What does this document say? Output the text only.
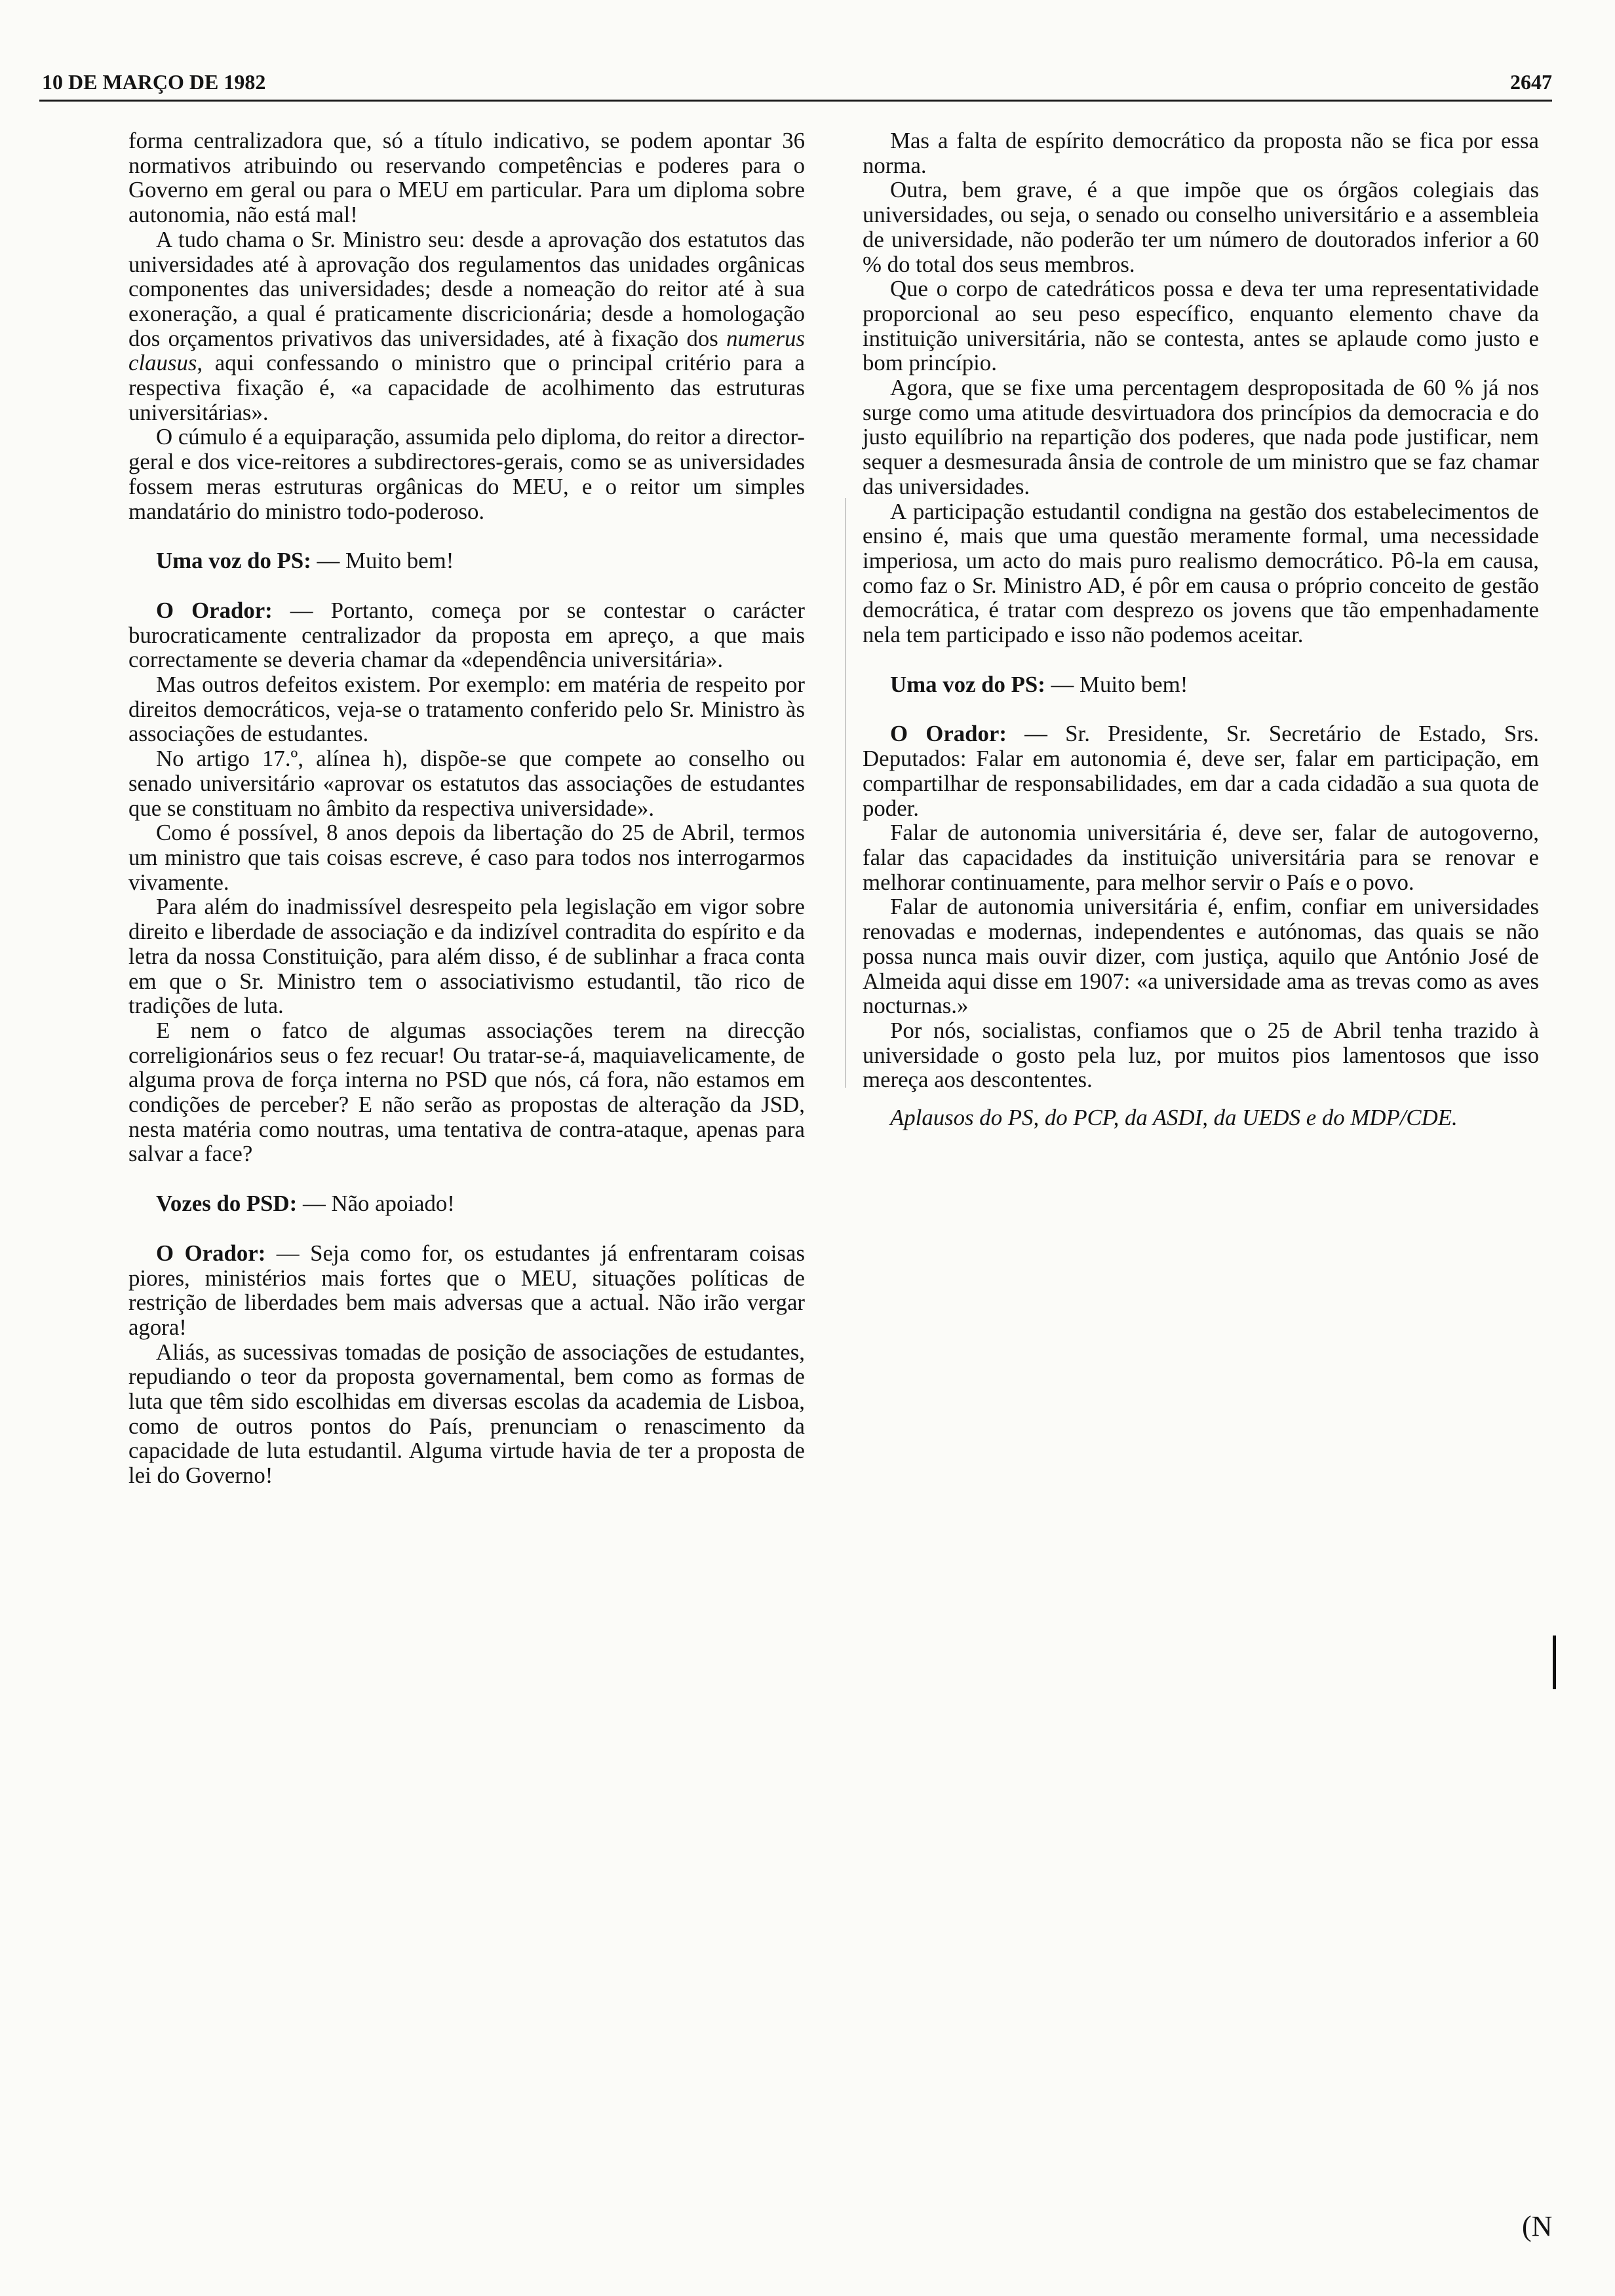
10 DE MARÇO DE 1982	2647

forma centralizadora que, só a título indicativo, se podem apontar 36 normativos atribuindo ou reservando competências e poderes para o Governo em geral ou para o MEU em particular. Para um diploma sobre autonomia, não está mal!

A tudo chama o Sr. Ministro seu: desde a aprovação dos estatutos das universidades até à aprovação dos regulamentos das unidades orgânicas componentes das universidades; desde a nomeação do reitor até à sua exoneração, a qual é praticamente discricionária; desde a homologação dos orçamentos privativos das universidades, até à fixação dos numerus clausus, aqui confessando o ministro que o principal critério para a respectiva fixação é, «a capacidade de acolhimento das estruturas universitárias».

O cúmulo é a equiparação, assumida pelo diploma, do reitor a director-geral e dos vice-reitores a subdirectores-gerais, como se as universidades fossem meras estruturas orgânicas do MEU, e o reitor um simples mandatário do ministro todo-poderoso.

Uma voz do PS: — Muito bem!

O Orador: — Portanto, começa por se contestar o carácter burocraticamente centralizador da proposta em apreço, a que mais correctamente se deveria chamar da «dependência universitária».

Mas outros defeitos existem. Por exemplo: em matéria de respeito por direitos democráticos, veja-se o tratamento conferido pelo Sr. Ministro às associações de estudantes.

No artigo 17.º, alínea h), dispõe-se que compete ao conselho ou senado universitário «aprovar os estatutos das associações de estudantes que se constituam no âmbito da respectiva universidade».

Como é possível, 8 anos depois da libertação do 25 de Abril, termos um ministro que tais coisas escreve, é caso para todos nos interrogarmos vivamente.

Para além do inadmissível desrespeito pela legislação em vigor sobre direito e liberdade de associação e da indizível contradita do espírito e da letra da nossa Constituição, para além disso, é de sublinhar a fraca conta em que o Sr. Ministro tem o associativismo estudantil, tão rico de tradições de luta.

E nem o fatco de algumas associações terem na direcção correligionários seus o fez recuar! Ou tratar-se-á, maquiavelicamente, de alguma prova de força interna no PSD que nós, cá fora, não estamos em condições de perceber? E não serão as propostas de alteração da JSD, nesta matéria como noutras, uma tentativa de contra-ataque, apenas para salvar a face?

Vozes do PSD: — Não apoiado!

O Orador: — Seja como for, os estudantes já enfrentaram coisas piores, ministérios mais fortes que o MEU, situações políticas de restrição de liberdades bem mais adversas que a actual. Não irão vergar agora!

Aliás, as sucessivas tomadas de posição de associações de estudantes, repudiando o teor da proposta governamental, bem como as formas de luta que têm sido escolhidas em diversas escolas da academia de Lisboa, como de outros pontos do País, prenunciam o renascimento da capacidade de luta estudantil. Alguma virtude havia de ter a proposta de lei do Governo!

Mas a falta de espírito democrático da proposta não se fica por essa norma.

Outra, bem grave, é a que impõe que os órgãos colegiais das universidades, ou seja, o senado ou conselho universitário e a assembleia de universidade, não poderão ter um número de doutorados inferior a 60 % do total dos seus membros.

Que o corpo de catedráticos possa e deva ter uma representatividade proporcional ao seu peso específico, enquanto elemento chave da instituição universitária, não se contesta, antes se aplaude como justo e bom princípio.

Agora, que se fixe uma percentagem despropositada de 60 % já nos surge como uma atitude desvirtuadora dos princípios da democracia e do justo equilíbrio na repartição dos poderes, que nada pode justificar, nem sequer a desmesurada ânsia de controle de um ministro que se faz chamar das universidades.

A participação estudantil condigna na gestão dos estabelecimentos de ensino é, mais que uma questão meramente formal, uma necessidade imperiosa, um acto do mais puro realismo democrático. Pô-la em causa, como faz o Sr. Ministro AD, é pôr em causa o próprio conceito de gestão democrática, é tratar com desprezo os jovens que tão empenhadamente nela tem participado e isso não podemos aceitar.

Uma voz do PS: — Muito bem!

O Orador: — Sr. Presidente, Sr. Secretário de Estado, Srs. Deputados: Falar em autonomia é, deve ser, falar em participação, em compartilhar de responsabilidades, em dar a cada cidadão a sua quota de poder.

Falar de autonomia universitária é, deve ser, falar de autogoverno, falar das capacidades da instituição universitária para se renovar e melhorar continuamente, para melhor servir o País e o povo.

Falar de autonomia universitária é, enfim, confiar em universidades renovadas e modernas, independentes e autónomas, das quais se não possa nunca mais ouvir dizer, com justiça, aquilo que António José de Almeida aqui disse em 1907: «a universidade ama as trevas como as aves nocturnas.»

Por nós, socialistas, confiamos que o 25 de Abril tenha trazido à universidade o gosto pela luz, por muitos pios lamentosos que isso mereça aos descontentes.

Aplausos do PS, do PCP, da ASDI, da UEDS e do MDP/CDE.

(N
